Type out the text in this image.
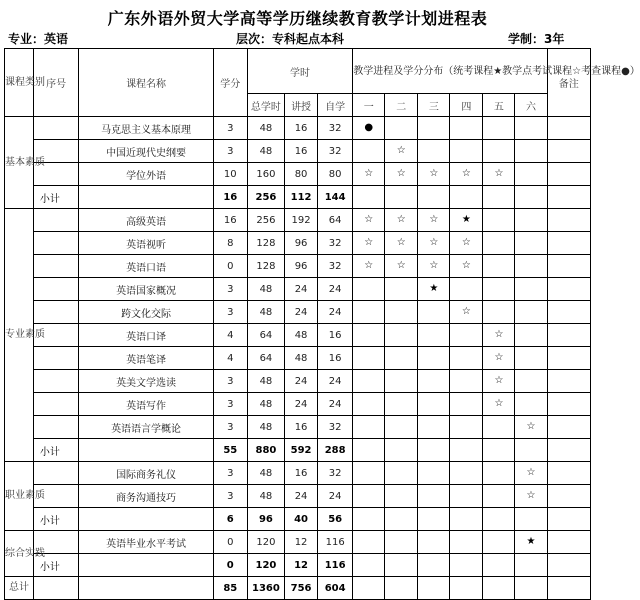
广东外语外贸大学高等学历继续教育教学计划进程表
专业：英语	层次：专科起点本科	学制：3年
课程类别	序号	课程名称	学分	学时			教学进程及学分分布（统考课程★教学点考试课程☆考查课程●）						备注
				总学时	讲授	自学	一	二	三	四	五	六	
基本素质		马克思主义基本原理	3	48	16	32	●						
		中国近现代史纲要	3	48	16	32		☆					
		学位外语	10	160	80	80	☆	☆	☆	☆	☆		
	小计		16	256	112	144							
专业素质		高级英语	16	256	192	64	☆	☆	☆	★			
		英语视听	8	128	96	32	☆	☆	☆	☆			
		英语口语	0	128	96	32	☆	☆	☆	☆			
		英语国家概况	3	48	24	24			★				
		跨文化交际	3	48	24	24				☆			
		英语口译	4	64	48	16					☆		
		英语笔译	4	64	48	16					☆		
		英美文学选读	3	48	24	24					☆		
		英语写作	3	48	24	24					☆		
		英语语言学概论	3	48	16	32						☆	
	小计		55	880	592	288							
职业素质		国际商务礼仪	3	48	16	32						☆	
		商务沟通技巧	3	48	24	24						☆	
	小计		6	96	40	56							
综合实践		英语毕业水平考试	0	120	12	116						★	
	小计		0	120	12	116							
总计			85	1360	756	604							
